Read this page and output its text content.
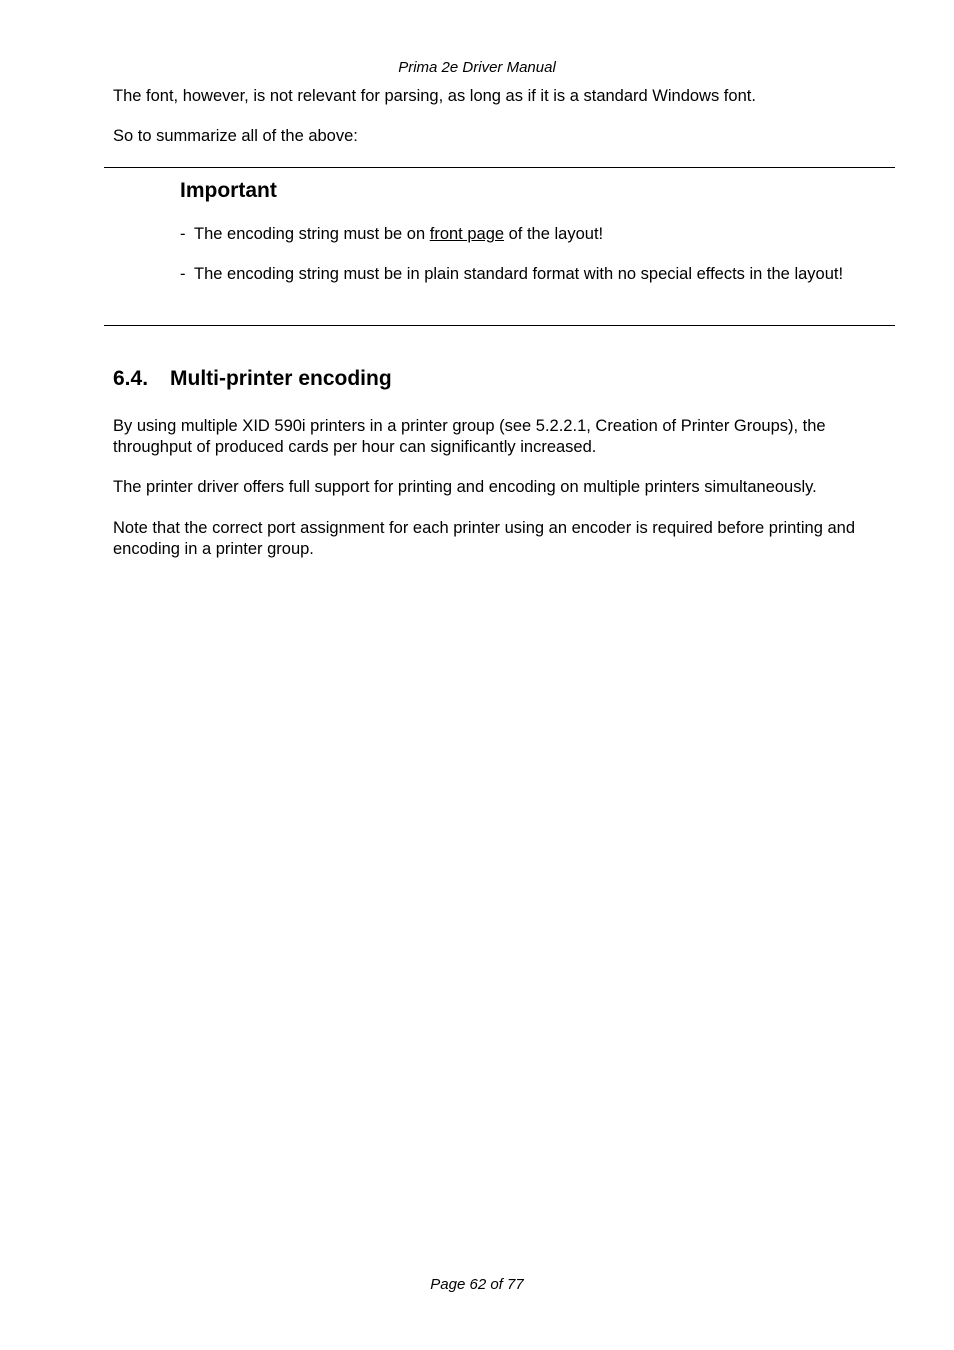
Prima 2e Driver Manual

The font, however, is not relevant for parsing, as long as if it is a standard Windows font.

So to summarize all of the above:

Important
- The encoding string must be on front page of the layout!
- The encoding string must be in plain standard format with no special effects in the layout!
6.4. Multi-printer encoding

By using multiple XID 590i printers in a printer group (see 5.2.2.1, Creation of Printer Groups), the throughput of produced cards per hour can significantly increased.

The printer driver offers full support for printing and encoding on multiple printers simultaneously.

Note that the correct port assignment for each printer using an encoder is required before printing and encoding in a printer group.

Page 62 of 77
